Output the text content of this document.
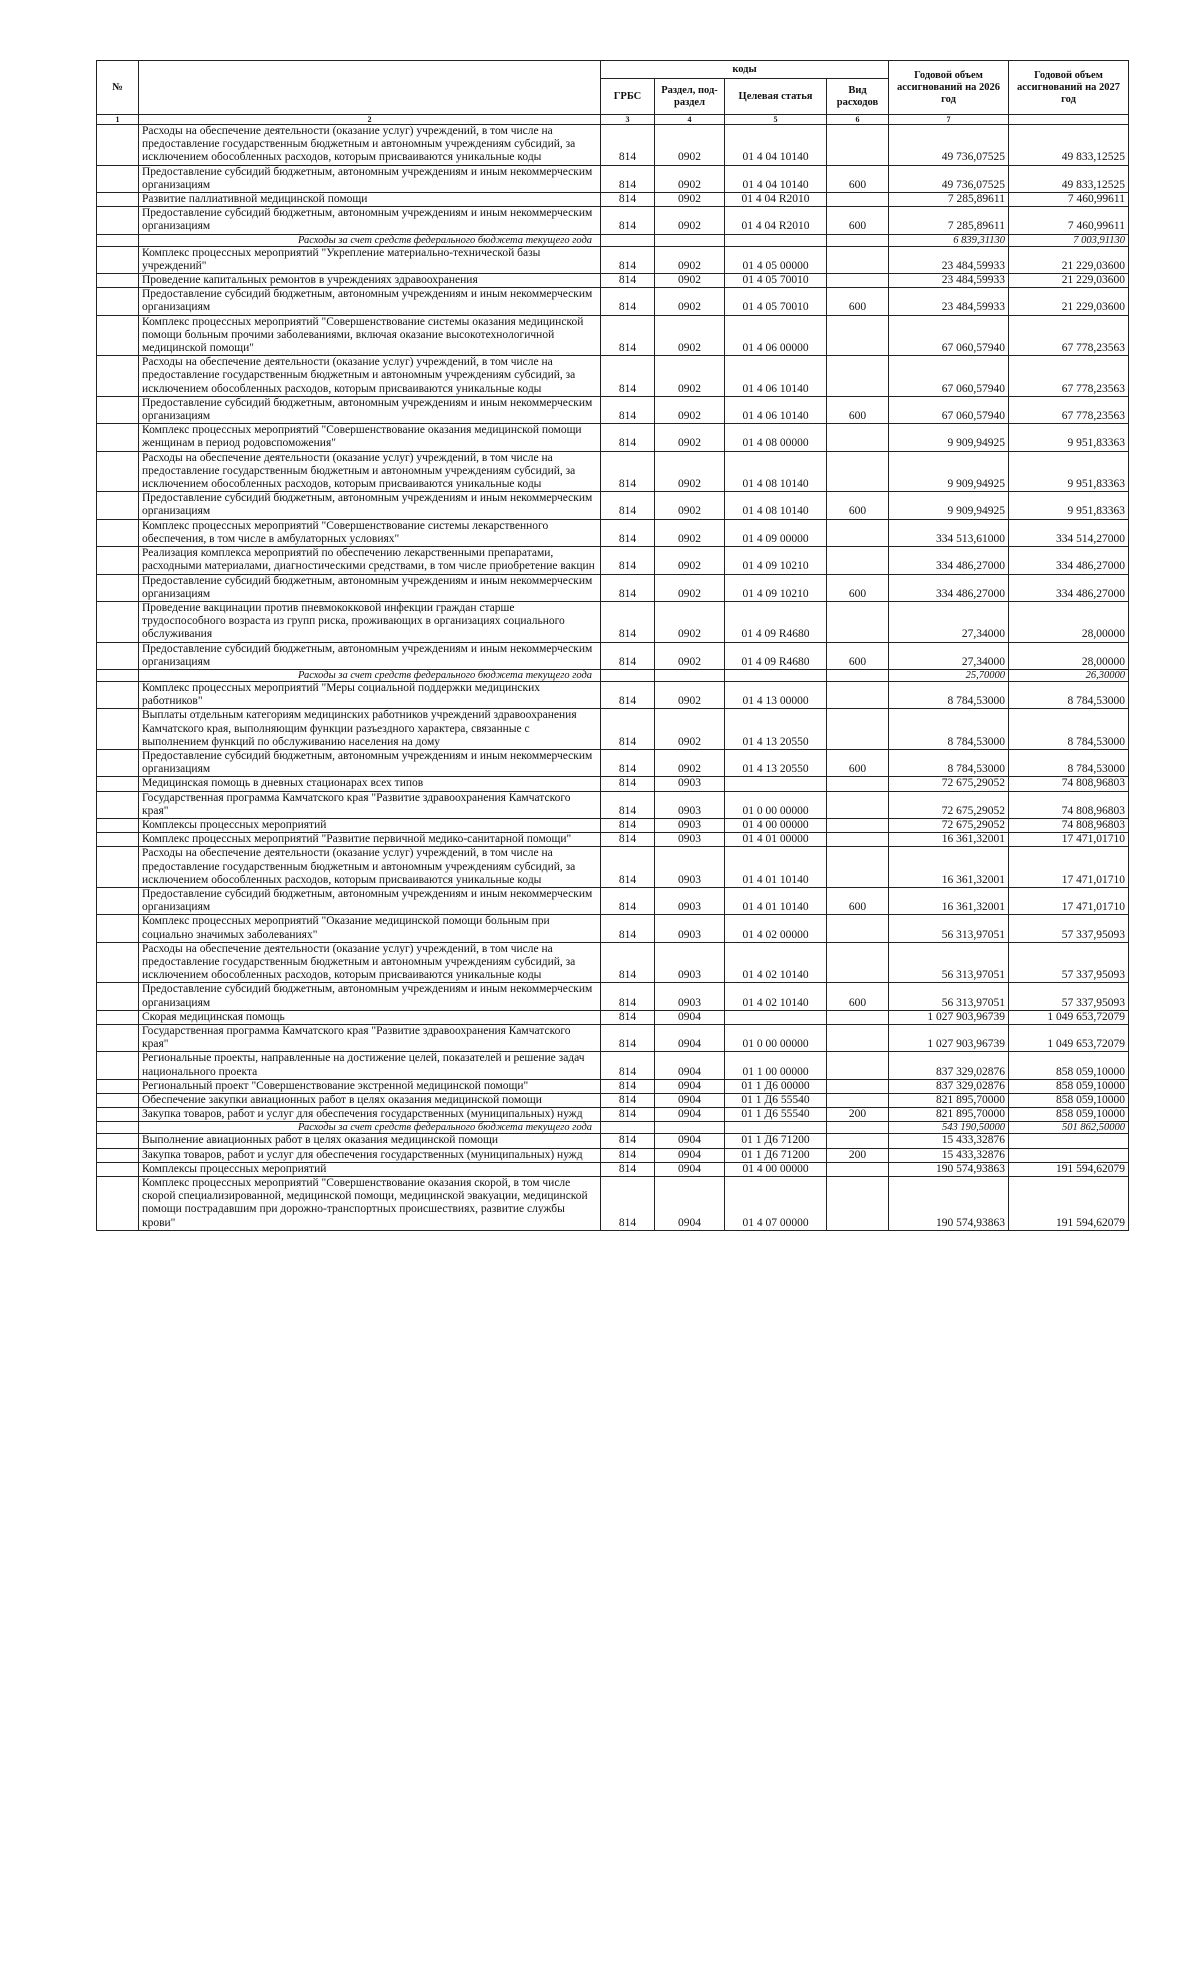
№		коды				Годовой объем ассигнований на 2026 год	Годовой объем ассигнований на 2027 год
		ГРБС	Раздел, под-раздел	Целевая статья	Вид расходов		
1	2	3	4	5	6	7	
	Расходы на обеспечение деятельности (оказание услуг) учреждений, в том числе на предоставление государственным бюджетным и автономным учреждениям субсидий, за исключением обособленных расходов, которым присваиваются уникальные коды	814	0902	01 4 04 10140		49 736,07525	49 833,12525
	Предоставление субсидий бюджетным, автономным учреждениям и иным некоммерческим организациям	814	0902	01 4 04 10140	600	49 736,07525	49 833,12525
	Развитие паллиативной медицинской помощи	814	0902	01 4 04 R2010		7 285,89611	7 460,99611
	Предоставление субсидий бюджетным, автономным учреждениям и иным некоммерческим организациям	814	0902	01 4 04 R2010	600	7 285,89611	7 460,99611
	Расходы за счет средств федерального бюджета текущего года					6 839,31130	7 003,91130
	Комплекс процессных мероприятий "Укрепление материально-технической базы учреждений"	814	0902	01 4 05 00000		23 484,59933	21 229,03600
	Проведение капитальных ремонтов в учреждениях здравоохранения	814	0902	01 4 05 70010		23 484,59933	21 229,03600
	Предоставление субсидий бюджетным, автономным учреждениям и иным некоммерческим организациям	814	0902	01 4 05 70010	600	23 484,59933	21 229,03600
	Комплекс процессных мероприятий "Совершенствование системы оказания медицинской помощи больным прочими заболеваниями, включая оказание высокотехнологичной медицинской помощи"	814	0902	01 4 06 00000		67 060,57940	67 778,23563
	Расходы на обеспечение деятельности (оказание услуг) учреждений, в том числе на предоставление государственным бюджетным и автономным учреждениям субсидий, за исключением обособленных расходов, которым присваиваются уникальные коды	814	0902	01 4 06 10140		67 060,57940	67 778,23563
	Предоставление субсидий бюджетным, автономным учреждениям и иным некоммерческим организациям	814	0902	01 4 06 10140	600	67 060,57940	67 778,23563
	Комплекс процессных мероприятий "Совершенствование оказания медицинской помощи женщинам в период родовспоможения"	814	0902	01 4 08 00000		9 909,94925	9 951,83363
	Расходы на обеспечение деятельности (оказание услуг) учреждений, в том числе на предоставление государственным бюджетным и автономным учреждениям субсидий, за исключением обособленных расходов, которым присваиваются уникальные коды	814	0902	01 4 08 10140		9 909,94925	9 951,83363
	Предоставление субсидий бюджетным, автономным учреждениям и иным некоммерческим организациям	814	0902	01 4 08 10140	600	9 909,94925	9 951,83363
	Комплекс процессных мероприятий "Совершенствование системы лекарственного обеспечения, в том числе в амбулаторных условиях"	814	0902	01 4 09 00000		334 513,61000	334 514,27000
	Реализация комплекса мероприятий по обеспечению лекарственными препаратами, расходными материалами, диагностическими средствами, в том числе приобретение вакцин	814	0902	01 4 09 10210		334 486,27000	334 486,27000
	Предоставление субсидий бюджетным, автономным учреждениям и иным некоммерческим организациям	814	0902	01 4 09 10210	600	334 486,27000	334 486,27000
	Проведение вакцинации против пневмококковой инфекции граждан старше трудоспособного возраста из групп риска, проживающих в организациях социального обслуживания	814	0902	01 4 09 R4680		27,34000	28,00000
	Предоставление субсидий бюджетным, автономным учреждениям и иным некоммерческим организациям	814	0902	01 4 09 R4680	600	27,34000	28,00000
	Расходы за счет средств федерального бюджета текущего года					25,70000	26,30000
	Комплекс процессных мероприятий "Меры социальной поддержки медицинских работников"	814	0902	01 4 13 00000		8 784,53000	8 784,53000
	Выплаты отдельным категориям медицинских работников учреждений здравоохранения Камчатского края, выполняющим функции разъездного характера, связанные с выполнением функций по обслуживанию населения на дому	814	0902	01 4 13 20550		8 784,53000	8 784,53000
	Предоставление субсидий бюджетным, автономным учреждениям и иным некоммерческим организациям	814	0902	01 4 13 20550	600	8 784,53000	8 784,53000
	Медицинская помощь в дневных стационарах всех типов	814	0903			72 675,29052	74 808,96803
	Государственная программа Камчатского края "Развитие здравоохранения Камчатского края"	814	0903	01 0 00 00000		72 675,29052	74 808,96803
	Комплексы процессных мероприятий	814	0903	01 4 00 00000		72 675,29052	74 808,96803
	Комплекс процессных мероприятий "Развитие первичной медико-санитарной помощи"	814	0903	01 4 01 00000		16 361,32001	17 471,01710
	Расходы на обеспечение деятельности (оказание услуг) учреждений, в том числе на предоставление государственным бюджетным и автономным учреждениям субсидий, за исключением обособленных расходов, которым присваиваются уникальные коды	814	0903	01 4 01 10140		16 361,32001	17 471,01710
	Предоставление субсидий бюджетным, автономным учреждениям и иным некоммерческим организациям	814	0903	01 4 01 10140	600	16 361,32001	17 471,01710
	Комплекс процессных мероприятий "Оказание медицинской помощи больным при социально значимых заболеваниях"	814	0903	01 4 02 00000		56 313,97051	57 337,95093
	Расходы на обеспечение деятельности (оказание услуг) учреждений, в том числе на предоставление государственным бюджетным и автономным учреждениям субсидий, за исключением обособленных расходов, которым присваиваются уникальные коды	814	0903	01 4 02 10140		56 313,97051	57 337,95093
	Предоставление субсидий бюджетным, автономным учреждениям и иным некоммерческим организациям	814	0903	01 4 02 10140	600	56 313,97051	57 337,95093
	Скорая медицинская помощь	814	0904			1 027 903,96739	1 049 653,72079
	Государственная программа Камчатского края "Развитие здравоохранения Камчатского края"	814	0904	01 0 00 00000		1 027 903,96739	1 049 653,72079
	Региональные проекты, направленные на достижение целей, показателей и решение задач национального проекта	814	0904	01 1 00 00000		837 329,02876	858 059,10000
	Региональный проект "Совершенствование экстренной медицинской помощи"	814	0904	01 1 Д6 00000		837 329,02876	858 059,10000
	Обеспечение закупки авиационных работ в целях оказания медицинской помощи	814	0904	01 1 Д6 55540		821 895,70000	858 059,10000
	Закупка товаров, работ и услуг для обеспечения государственных (муниципальных) нужд	814	0904	01 1 Д6 55540	200	821 895,70000	858 059,10000
	Расходы за счет средств федерального бюджета текущего года					543 190,50000	501 862,50000
	Выполнение авиационных работ в целях оказания медицинской помощи	814	0904	01 1 Д6 71200		15 433,32876	
	Закупка товаров, работ и услуг для обеспечения государственных (муниципальных) нужд	814	0904	01 1 Д6 71200	200	15 433,32876	
	Комплексы процессных мероприятий	814	0904	01 4 00 00000		190 574,93863	191 594,62079
	Комплекс процессных мероприятий "Совершенствование оказания скорой, в том числе скорой специализированной, медицинской помощи, медицинской эвакуации, медицинской помощи пострадавшим при дорожно-транспортных происшествиях, развитие службы крови"	814	0904	01 4 07 00000		190 574,93863	191 594,62079
